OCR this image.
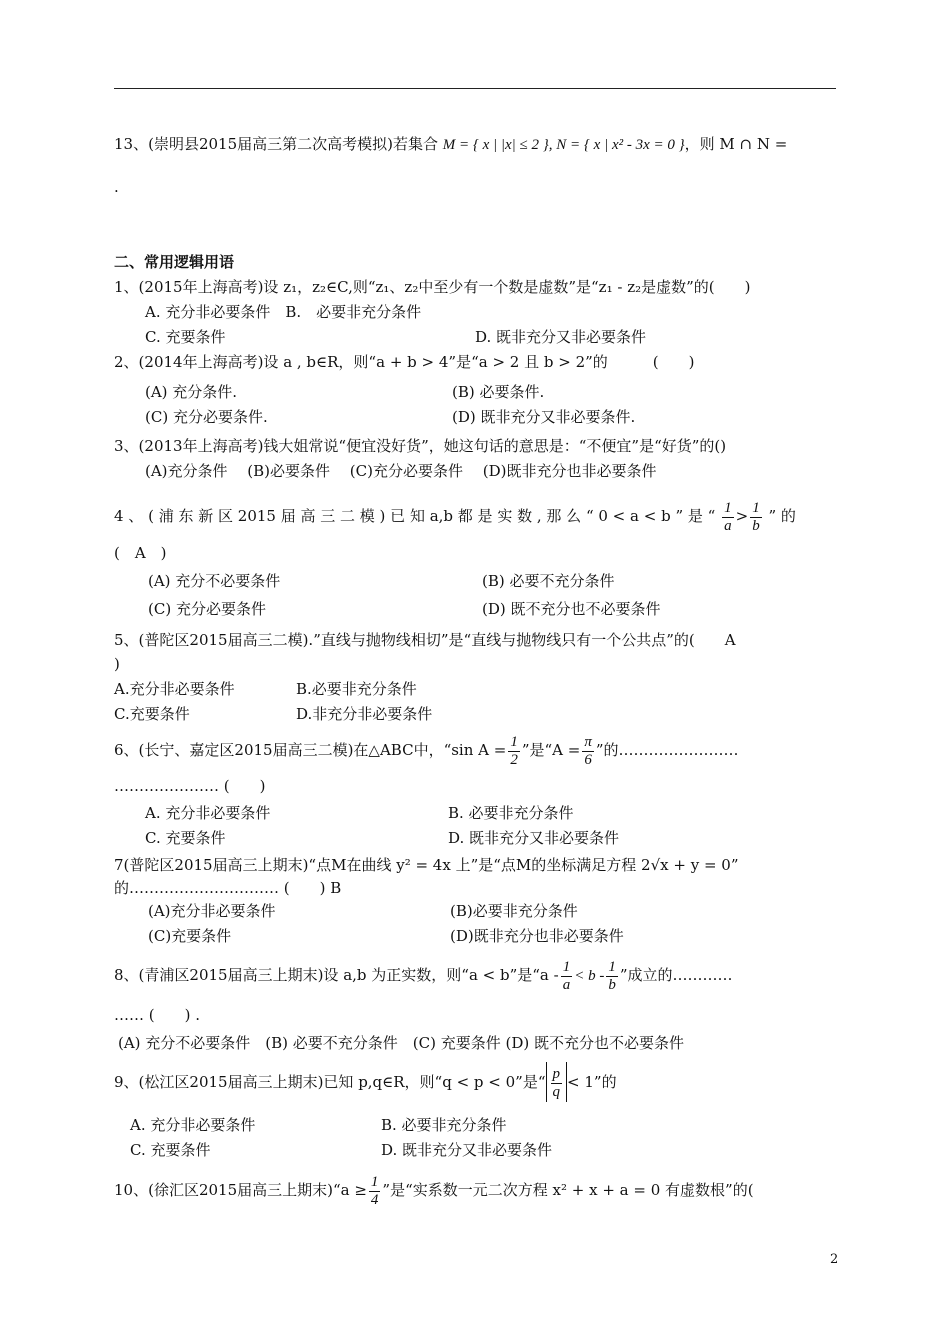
13、(崇明县2015届高三第二次高考模拟)若集合 M = { x | |x| ≤ 2 }, N = { x | x² - 3x = 0 }，则 M ∩ N =
.
二、常用逻辑用语
1、(2015年上海高考)设 z₁，z₂∈C,则“z₁、z₂中至少有一个数是虚数”是“z₁ - z₂是虚数”的(　　)
A. 充分非必要条件　B.　必要非充分条件
C. 充要条件	D. 既非充分又非必要条件
2、(2014年上海高考)设 a , b∈R，则“a + b > 4”是“a > 2 且 b > 2”的　　　(　　)
(A) 充分条件.	(B) 必要条件.
(C) 充分必要条件.	(D) 既非充分又非必要条件.
3、(2013年上海高考)钱大姐常说“便宜没好货”，她这句话的意思是：“不便宜”是“好货”的()
(A)充分条件　 (B)必要条件　 (C)充分必要条件　 (D)既非充分也非必要条件
4 、 ( 浦 东 新 区 2015 届 高 三 二 模 ) 已 知 a,b 都 是 实 数 , 那 么 “ 0 < a < b ” 是 “ $\frac{1}{a} > \frac{1}{b}$ ” 的
(　A　)
(A) 充分不必要条件	(B) 必要不充分条件
(C) 充分必要条件	(D) 既不充分也不必要条件
5、(普陀区2015届高三二模).”直线与抛物线相切”是“直线与抛物线只有一个公共点”的(　　A
)
A.充分非必要条件	B.必要非充分条件
C.充要条件	D.非充分非必要条件
6、(长宁、嘉定区2015届高三二模)在△ABC中，“sin $A = \frac{1}{2}$ ”是“$A = \frac{\pi}{6}$ ”的……………………
………………… (　　)
A. 充分非必要条件	B. 必要非充分条件
C. 充要条件	D. 既非充分又非必要条件
7(普陀区2015届高三上期末)“点M在曲线 y² = 4x 上”是“点M的坐标满足方程 2√x + y = 0”
的………………………… (　　) B
(A)充分非必要条件	(B)必要非充分条件
(C)充要条件	(D)既非充分也非必要条件
8、(青浦区2015届高三上期末)设 a,b 为正实数，则“a < b”是“$a - \frac{1}{a} < b - \frac{1}{b}$ ”成立的…………
…… (　　) .
(A) 充分不必要条件　(B) 必要不充分条件　(C) 充要条件 (D) 既不充分也不必要条件
9、(松江区2015届高三上期末)已知 p,q∈R，则“q < p < 0”是“ $\frac{p}{q} < 1$”的
A. 充分非必要条件	B. 必要非充分条件
C. 充要条件	D. 既非充分又非必要条件
10、(徐汇区2015届高三上期末)“a ≥ $\frac{1}{4}$ ”是“实系数一元二次方程 x² + x + a = 0 有虚数根”的(
2
